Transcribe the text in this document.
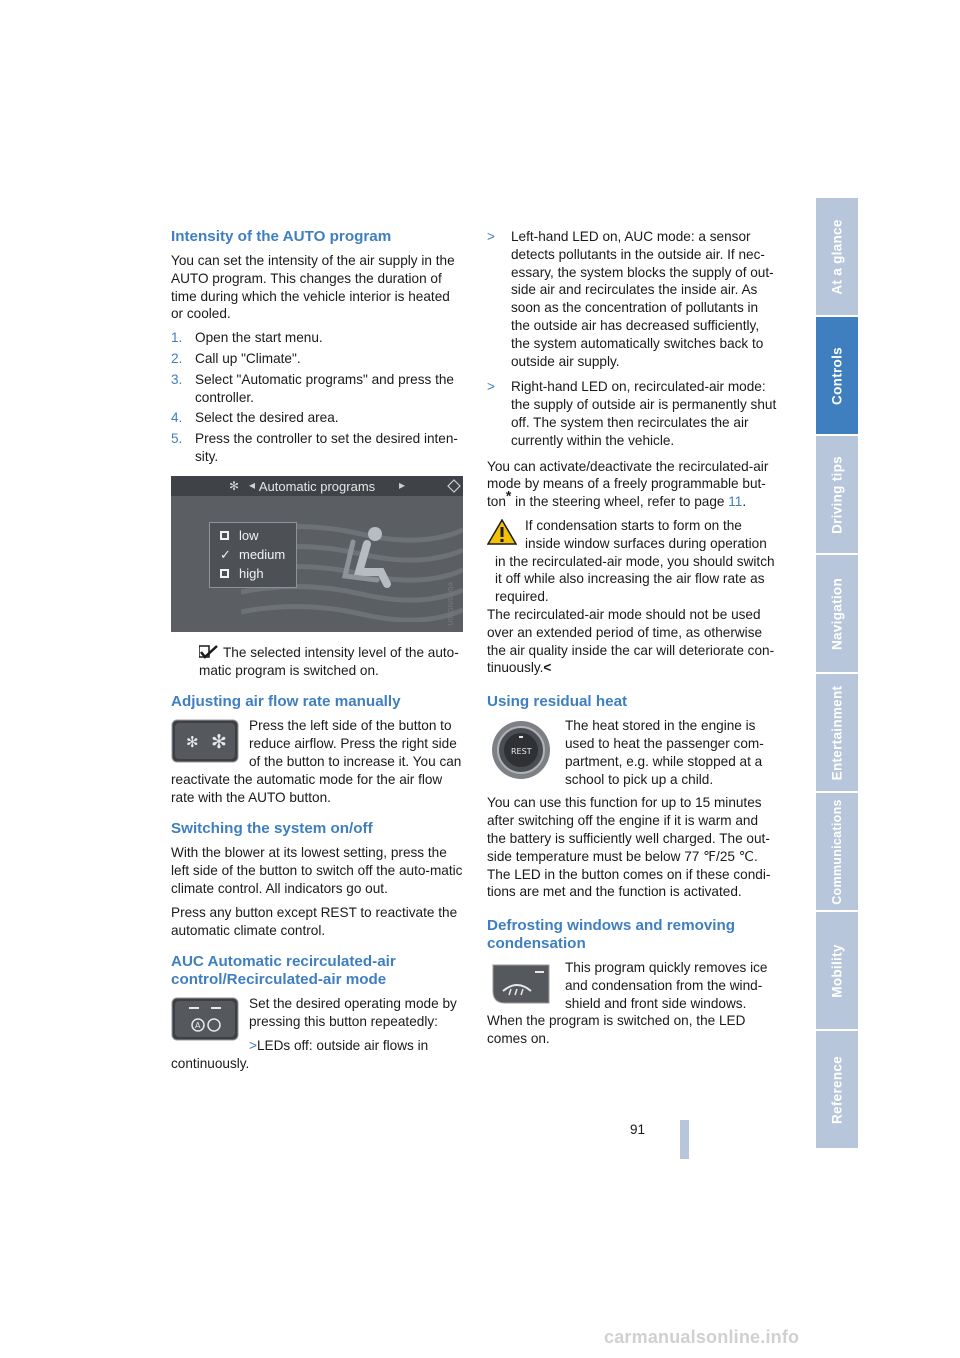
Intensity of the AUTO program

You can set the intensity of the air supply in the AUTO program. This changes the duration of time during which the vehicle interior is heated or cooled.

1. Open the start menu.
2. Call up "Climate".
3. Select "Automatic programs" and press the controller.
4. Select the desired area.
5. Press the controller to set the desired inten-sity.
✻ ◂ Automatic programs	▸
low
✓ medium
high
U06GN/01/0A

The selected intensity level of the auto-matic program is switched on.

Adjusting air flow rate manually
✻ ✻

Press the left side of the button to reduce airflow. Press the right side of the button to increase it. You can reactivate the automatic mode for the air flow rate with the AUTO button.

Switching the system on/off

With the blower at its lowest setting, press the left side of the button to switch off the auto-matic climate control. All indicators go out.

Press any button except REST to reactivate the automatic climate control.

AUC Automatic recirculated-air control/Recirculated-air mode
A

Set the desired operating mode by pressing this button repeatedly:

>LEDs off: outside air flows in continuously.

> Left-hand LED on, AUC mode: a sensor detects pollutants in the outside air. If nec-essary, the system blocks the supply of out-side air and recirculates the inside air. As soon as the concentration of pollutants in the outside air has decreased sufficiently, the system automatically switches back to outside air supply.
> Right-hand LED on, recirculated-air mode: the supply of outside air is permanently shut off. The system then recirculates the air currently within the vehicle.

You can activate/deactivate the recirculated-air mode by means of a freely programmable but-ton* in the steering wheel, refer to page 11.

If condensation starts to form on the inside window surfaces during operation in the recirculated-air mode, you should switch it off while also increasing the air flow rate as required.

The recirculated-air mode should not be used over an extended period of time, as otherwise the air quality inside the car will deteriorate con-tinuously.<

Using residual heat
REST

The heat stored in the engine is used to heat the passenger com-partment, e.g. while stopped at a school to pick up a child.

You can use this function for up to 15 minutes after switching off the engine if it is warm and the battery is sufficiently well charged. The out-side temperature must be below 77 ℉/25 ℃. The LED in the button comes on if these condi-tions are met and the function is activated.

Defrosting windows and removing condensation

This program quickly removes ice and condensation from the wind-shield and front side windows. When the program is switched on, the LED comes on.

At a glance
Controls
Driving tips
Navigation
Entertainment
Communications
Mobility
Reference
91
carmanualsonline.info
